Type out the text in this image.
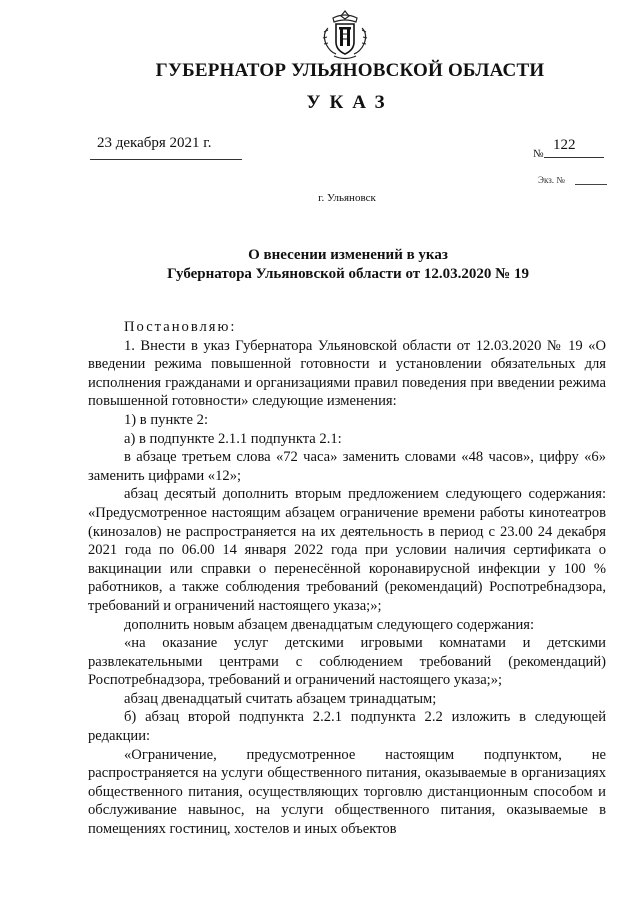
ГУБЕРНАТОР УЛЬЯНОВСКОЙ ОБЛАСТИ
УКАЗ
23 декабря 2021 г.
№
122
Экз. №
г. Ульяновск
О внесении изменений в указ
Губернатора Ульяновской области от 12.03.2020 № 19

Постановляю:

1. Внести в указ Губернатора Ульяновской области от 12.03.2020 № 19 «О введении режима повышенной готовности и установлении обязательных для исполнения гражданами и организациями правил поведения при введении режима повышенной готовности» следующие изменения:

1) в пункте 2:

а) в подпункте 2.1.1 подпункта 2.1:

в абзаце третьем слова «72 часа» заменить словами «48 часов», цифру «6» заменить цифрами «12»;

абзац десятый дополнить вторым предложением следующего содержания: «Предусмотренное настоящим абзацем ограничение времени работы кинотеатров (кинозалов) не распространяется на их деятельность в период с 23.00 24 декабря 2021 года по 06.00 14 января 2022 года при условии наличия сертификата о вакцинации или справки о перенесённой коронавирусной инфекции у 100 % работников, а также соблюдения требований (рекомендаций) Роспотребнадзора, требований и ограничений настоящего указа;»;

дополнить новым абзацем двенадцатым следующего содержания:

«на оказание услуг детскими игровыми комнатами и детскими развлекательными центрами с соблюдением требований (рекомендаций) Роспотребнадзора, требований и ограничений настоящего указа;»;

абзац двенадцатый считать абзацем тринадцатым;

б) абзац второй подпункта 2.2.1 подпункта 2.2 изложить в следующей редакции:

«Ограничение, предусмотренное настоящим подпунктом, не распространяется на услуги общественного питания, оказываемые в организациях общественного питания, осуществляющих торговлю дистанционным способом и обслуживание навынос, на услуги общественного питания, оказываемые в помещениях гостиниц, хостелов и иных объектов
